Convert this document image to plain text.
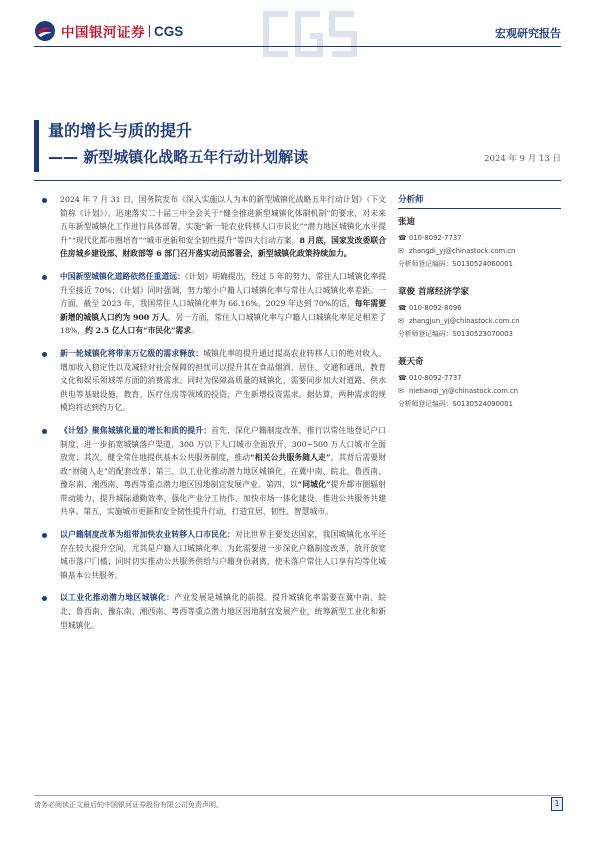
中国银河证券 CGS	宏观研究报告
量的增长与质的提升
—— 新型城镇化战略五年行动计划解读	2024 年 9 月 13 日
2024 年 7 月 31 日，国务院发布《深入实施以人为本的新型城镇化战略五年行动计划》（下文简称《计划》），迅速落实二十届三中全会关于“健全推进新型城镇化体制机制”的要求，对未来五年新型城镇化工作进行具体部署，实施“新一轮农业转移人口市民化”“潜力地区城镇化水平提升”“现代化都市圈培育”“城市更新和安全韧性提升”等四大行动方案，8 月底，国家发改委联合住房城乡建设部、财政部等 6 部门召开落实动员部署会，新型城镇化政策持续加力。
中国新型城镇化道路依然任重道远：《计划》明确提出，经过 5 年的努力，常住人口城镇化率提升至接近 70%；《计划》同时强调，努力缩小户籍人口城镇化率与常住人口城镇化率差距。一方面，截至 2023 年，我国常住人口城镇化率为 66.16%，2029 年达到 70%的话，每年需要新增的城镇人口约为 900 万人。另一方面，常住人口城镇化率与户籍人口城镇化率足足相差了 18%，约 2.5 亿人口有“市民化”需求。
新一轮城镇化将带来万亿级的需求释放：城镇化率的提升通过提高农业转移人口的绝对收入、增加收入稳定性以及减轻对社会保障的担忧可以提升其在食品烟酒、居住、交通和通讯、教育文化和娱乐领域等方面的消费需求。同时为保障高质量的城镇化，需要同步加大对道路、供水供电等基础设施，教育、医疗住房等领域的投资，产生新增投资需求。据估算，两种需求的规模均将达到约万亿。
《计划》聚焦城镇化量的增长和质的提升：首先，深化户籍制度改革，推行以常住地登记户口制度，进一步拓宽城镇落户渠道，300 万以下人口城市全面放开，300~500 万人口城市全面放宽；其次，健全常住地提供基本公共服务制度，推动“相关公共服务随人走”，其背后需要财政“财随人走”的配套改革；第三，以工业化推动潜力地区城镇化，在冀中南、皖北、鲁西南、豫东南、湘西南、粤西等重点潜力地区因地制宜发展产业。第四，以“同城化”提升都市圈辐射带动能力，提升城际通勤效率、强化产业分工协作、加快市场一体化建设、推进公共服务共建共享。第五，实施城市更新和安全韧性提升行动，打造宜居、韧性、智慧城市。
以户籍制度改革为组带加快农业转移人口市民化：对比世界主要发达国家，我国城镇化水平还存在较大提升空间，尤其是户籍人口城镇化率。为此需要进一步深化户籍制度改革，放开放宽城市落户门槛；同时切实推动公共服务供给与户籍身份剥离，使未落户常住人口享有均等化城镇基本公共服务。
以工业化推动潜力地区城镇化：产业发展是城镇化的前提。提升城镇化率需要在冀中南、皖北、鲁西南、豫东南、湘西南、粤西等重点潜力地区因地制宜发展产业，统筹新型工业化和新型城镇化。
分析师
张迪
☎ 010-8092-7737
✉ zhangdi_yj@chinastock.com.cn
分析师登记编码：S0130524060001
章俊 首席经济学家
☎ 010-8092-8096
✉ zhangjun_yj@chinastock.com.cn
分析师登记编码：S0130523070003
聂天奇
☎ 010-8092-7737
✉ nietianqi_yj@chinastock.com.cn
分析师登记编码：S0130524090001
请务必阅读正文最后的中国银河证券股份有限公司免责声明。	1
